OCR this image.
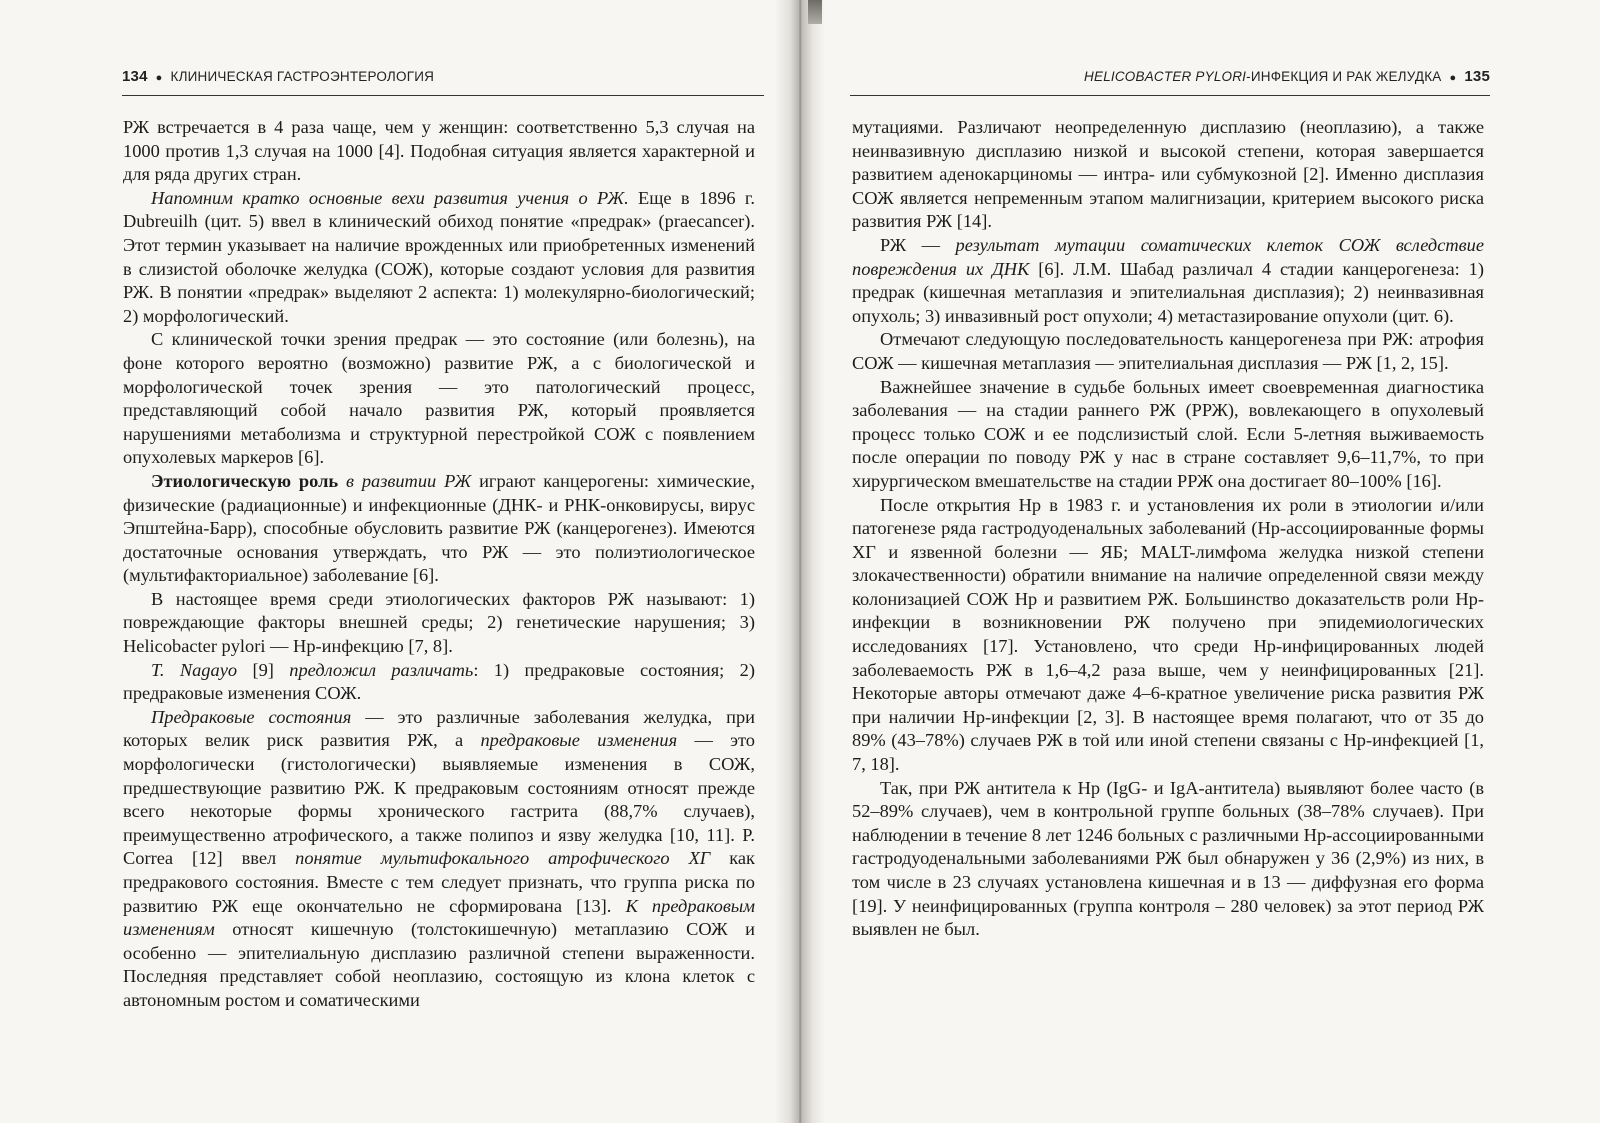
134 ● КЛИНИЧЕСКАЯ ГАСТРОЭНТЕРОЛОГИЯ

РЖ встречается в 4 раза чаще, чем у женщин: соответственно 5,3 случая на 1000 против 1,3 случая на 1000 [4]. Подобная ситуация является характерной и для ряда других стран.

Напомним кратко основные вехи развития учения о РЖ. Еще в 1896 г. Dubreuilh (цит. 5) ввел в клинический обиход понятие «предрак» (praecancer). Этот термин указывает на наличие врожденных или приобретенных изменений в слизистой оболочке желудка (СОЖ), которые создают условия для развития РЖ. В понятии «предрак» выделяют 2 аспекта: 1) молекулярно-биологический; 2) морфологический.

С клинической точки зрения предрак — это состояние (или болезнь), на фоне которого вероятно (возможно) развитие РЖ, а с биологической и морфологической точек зрения — это патологический процесс, представляющий собой начало развития РЖ, который проявляется нарушениями метаболизма и структурной перестройкой СОЖ с появлением опухолевых маркеров [6].

Этиологическую роль в развитии РЖ играют канцерогены: химические, физические (радиационные) и инфекционные (ДНК- и РНК-онковирусы, вирус Эпштейна-Барр), способные обусловить развитие РЖ (канцерогенез). Имеются достаточные основания утверждать, что РЖ — это полиэтиологическое (мультифакториальное) заболевание [6].

В настоящее время среди этиологических факторов РЖ называют: 1) повреждающие факторы внешней среды; 2) генетические нарушения; 3) Helicobacter pylori — Нр-инфекцию [7, 8].

T. Nagayo [9] предложил различать: 1) предраковые состояния; 2) предраковые изменения СОЖ.

Предраковые состояния — это различные заболевания желудка, при которых велик риск развития РЖ, а предраковые изменения — это морфологически (гистологически) выявляемые изменения в СОЖ, предшествующие развитию РЖ. К предраковым состояниям относят прежде всего некоторые формы хронического гастрита (88,7% случаев), преимущественно атрофического, а также полипоз и язву желудка [10, 11]. P. Correa [12] ввел понятие мультифокального атрофического ХГ как предракового состояния. Вместе с тем следует признать, что группа риска по развитию РЖ еще окончательно не сформирована [13]. К предраковым изменениям относят кишечную (толстокишечную) метаплазию СОЖ и особенно — эпителиальную дисплазию различной степени выраженности. Последняя представляет собой неоплазию, состоящую из клона клеток с автономным ростом и соматическими

HELICOBACTER PYLORI-ИНФЕКЦИЯ И РАК ЖЕЛУДКА ● 135

мутациями. Различают неопределенную дисплазию (неоплазию), а также неинвазивную дисплазию низкой и высокой степени, которая завершается развитием аденокарциномы — интра- или субмукозной [2]. Именно дисплазия СОЖ является непременным этапом малигнизации, критерием высокого риска развития РЖ [14].

РЖ — результат мутации соматических клеток СОЖ вследствие повреждения их ДНК [6]. Л.М. Шабад различал 4 стадии канцерогенеза: 1) предрак (кишечная метаплазия и эпителиальная дисплазия); 2) неинвазивная опухоль; 3) инвазивный рост опухоли; 4) метастазирование опухоли (цит. 6).

Отмечают следующую последовательность канцерогенеза при РЖ: атрофия СОЖ — кишечная метаплазия — эпителиальная дисплазия — РЖ [1, 2, 15].

Важнейшее значение в судьбе больных имеет своевременная диагностика заболевания — на стадии раннего РЖ (РРЖ), вовлекающего в опухолевый процесс только СОЖ и ее подслизистый слой. Если 5-летняя выживаемость после операции по поводу РЖ у нас в стране составляет 9,6–11,7%, то при хирургическом вмешательстве на стадии РРЖ она достигает 80–100% [16].

После открытия Нр в 1983 г. и установления их роли в этиологии и/или патогенезе ряда гастродуоденальных заболеваний (Нр-ассоциированные формы ХГ и язвенной болезни — ЯБ; MALT-лимфома желудка низкой степени злокачественности) обратили внимание на наличие определенной связи между колонизацией СОЖ Нр и развитием РЖ. Большинство доказательств роли Нр-инфекции в возникновении РЖ получено при эпидемиологических исследованиях [17]. Установлено, что среди Нр-инфицированных людей заболеваемость РЖ в 1,6–4,2 раза выше, чем у неинфицированных [21]. Некоторые авторы отмечают даже 4–6-кратное увеличение риска развития РЖ при наличии Нр-инфекции [2, 3]. В настоящее время полагают, что от 35 до 89% (43–78%) случаев РЖ в той или иной степени связаны с Нр-инфекцией [1, 7, 18].

Так, при РЖ антитела к Нр (IgG- и IgA-антитела) выявляют более часто (в 52–89% случаев), чем в контрольной группе больных (38–78% случаев). При наблюдении в течение 8 лет 1246 больных с различными Нр-ассоциированными гастродуоденальными заболеваниями РЖ был обнаружен у 36 (2,9%) из них, в том числе в 23 случаях установлена кишечная и в 13 — диффузная его форма [19]. У неинфицированных (группа контроля – 280 человек) за этот период РЖ выявлен не был.
